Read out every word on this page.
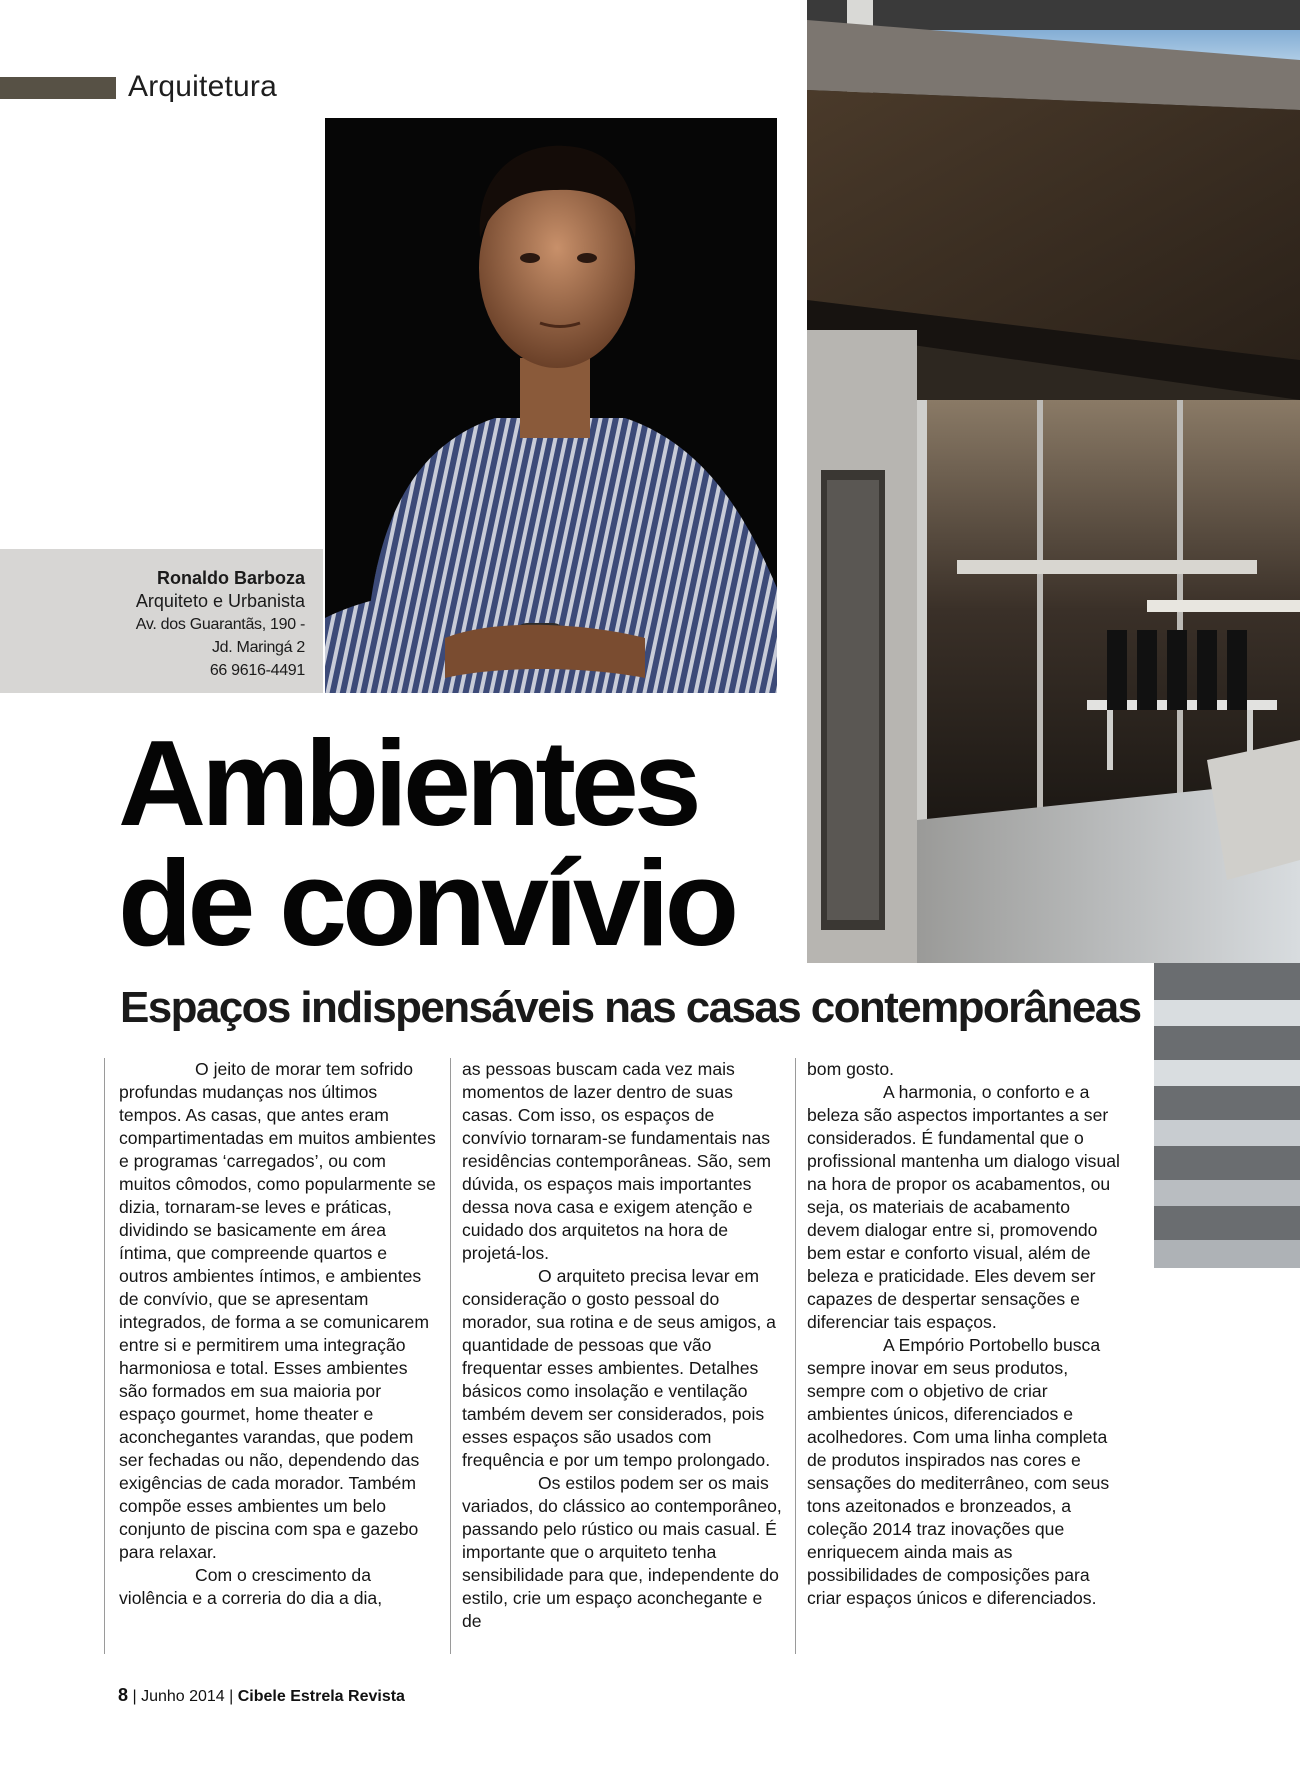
Arquitetura
Ronaldo Barboza
Arquiteto e Urbanista
Av. dos Guarantãs, 190 -
Jd. Maringá 2
66 9616-4491
Ambientes
de convívio
Espaços indispensáveis nas casas contemporâneas

O jeito de morar tem sofrido profundas mudanças nos últimos tempos. As casas, que antes eram compartimentadas em muitos ambientes e programas ‘carregados’, ou com muitos cômodos, como popularmente se dizia, tornaram-se leves e práticas, dividindo se basicamente em área íntima, que compreende quartos e outros ambientes íntimos, e ambientes de convívio, que se apresentam integrados, de forma a se comunicarem entre si e permitirem uma integração harmoniosa e total. Esses ambientes são formados em sua maioria por espaço gourmet, home theater e aconchegantes varandas, que podem ser fechadas ou não, dependendo das exigências de cada morador. Também compõe esses ambientes um belo conjunto de piscina com spa e gazebo para relaxar.

Com o crescimento da violência e a correria do dia a dia,

as pessoas buscam cada vez mais momentos de lazer dentro de suas casas. Com isso, os espaços de convívio tornaram-se fundamentais nas residências contemporâneas. São, sem dúvida, os espaços mais importantes dessa nova casa e exigem atenção e cuidado dos arquitetos na hora de projetá-los.

O arquiteto precisa levar em consideração o gosto pessoal do morador, sua rotina e de seus amigos, a quantidade de pessoas que vão frequentar esses ambientes. Detalhes básicos como insolação e ventilação também devem ser considerados, pois esses espaços são usados com frequência e por um tempo prolongado.

Os estilos podem ser os mais variados, do clássico ao contemporâneo, passando pelo rústico ou mais casual. É importante que o arquiteto tenha sensibilidade para que, independente do estilo, crie um espaço aconchegante e de

bom gosto.

A harmonia, o conforto e a beleza são aspectos importantes a ser considerados. É fundamental que o profissional mantenha um dialogo visual na hora de propor os acabamentos, ou seja, os materiais de acabamento devem dialogar entre si, promovendo bem estar e conforto visual, além de beleza e praticidade. Eles devem ser capazes de despertar sensações e diferenciar tais espaços.

A Empório Portobello busca sempre inovar em seus produtos, sempre com o objetivo de criar ambientes únicos, diferenciados e acolhedores. Com uma linha completa de produtos inspirados nas cores e sensações do mediterrâneo, com seus tons azeitonados e bronzeados, a coleção 2014 traz inovações que enriquecem ainda mais as possibilidades de composições para criar espaços únicos e diferenciados.

8 | Junho 2014 | Cibele Estrela Revista
